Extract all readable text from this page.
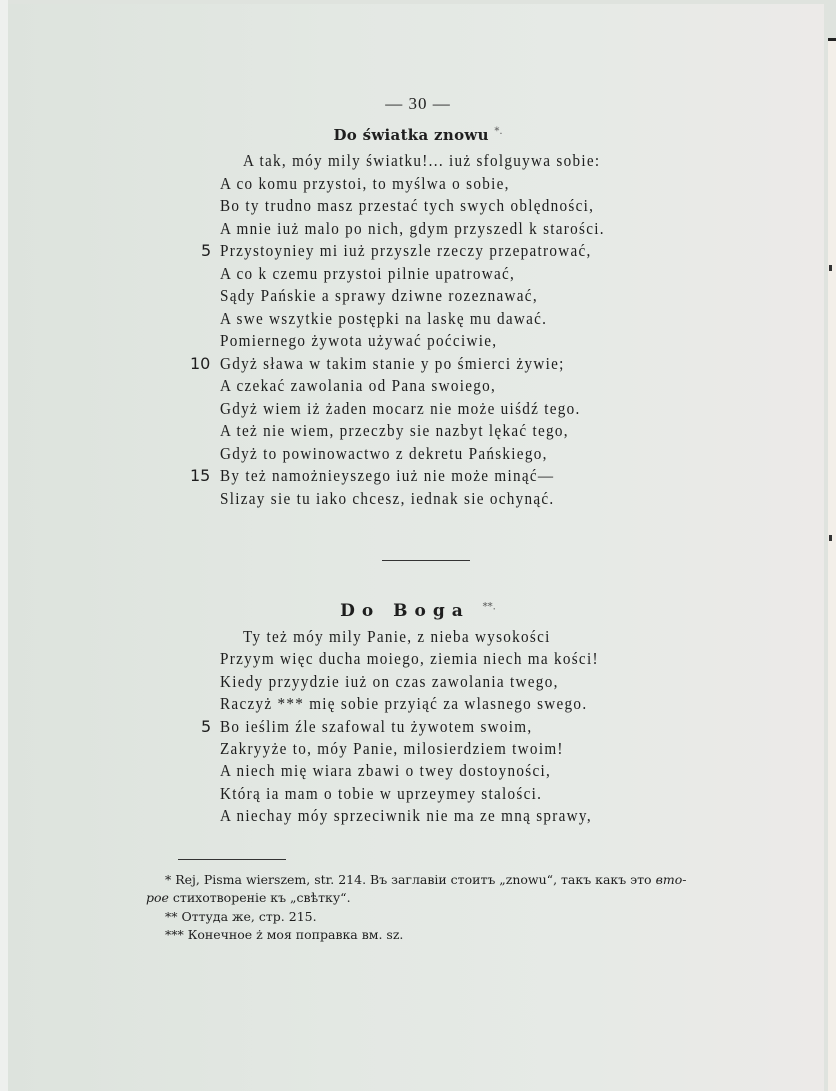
— 30 —
Do światka znowu *.
A tak, móy mily światku!... iuż sfolguywa sobie:
A co komu przystoi, to myślwa o sobie,
Bo ty trudno masz przestać tych swych oblędności,
A mnie iuż malo po nich, gdym przyszedl k starości.
5 Przystoyniey mi iuż przyszle rzeczy przepatrować,
A co k czemu przystoi pilnie upatrować,
Sądy Pańskie a sprawy dziwne rozeznawać,
A swe wszytkie postępki na laskę mu dawać.
Pomiernego żywota używać poćciwie,
10 Gdyż sława w takim stanie y po śmierci żywie;
A czekać zawolania od Pana swoiego,
Gdyż wiem iż żaden mocarz nie może uiśdź tego.
A też nie wiem, przeczby sie nazbyt lękać tego,
Gdyż to powinowactwo z dekretu Pańskiego,
15 By też namożnieyszego iuż nie może minąć—
Slizay sie tu iako chcesz, iednak sie ochynąć.
Do Boga **.
Ty też móy mily Panie, z nieba wysokości
Przyym więc ducha moiego, ziemia niech ma kości!
Kiedy przyydzie iuż on czas zawolania twego,
Raczyż *** mię sobie przyiąć za wlasnego swego.
5 Bo ieślim źle szafowal tu żywotem swoim,
Zakryyże to, móy Panie, milosierdziem twoim!
A niech mię wiara zbawi o twey dostoyności,
Którą ia mam o tobie w uprzeymey stalości.
A niechay móy sprzeciwnik nie ma ze mną sprawy,
* Rej, Pisma wierszem, str. 214. Въ заглавіи стоитъ „znowu“, такъ какъ это вто-
рое стихотвореніе къ „свѣтку“.
** Оттуда же, стр. 215.
*** Конечное ż моя поправка вм. sz.
